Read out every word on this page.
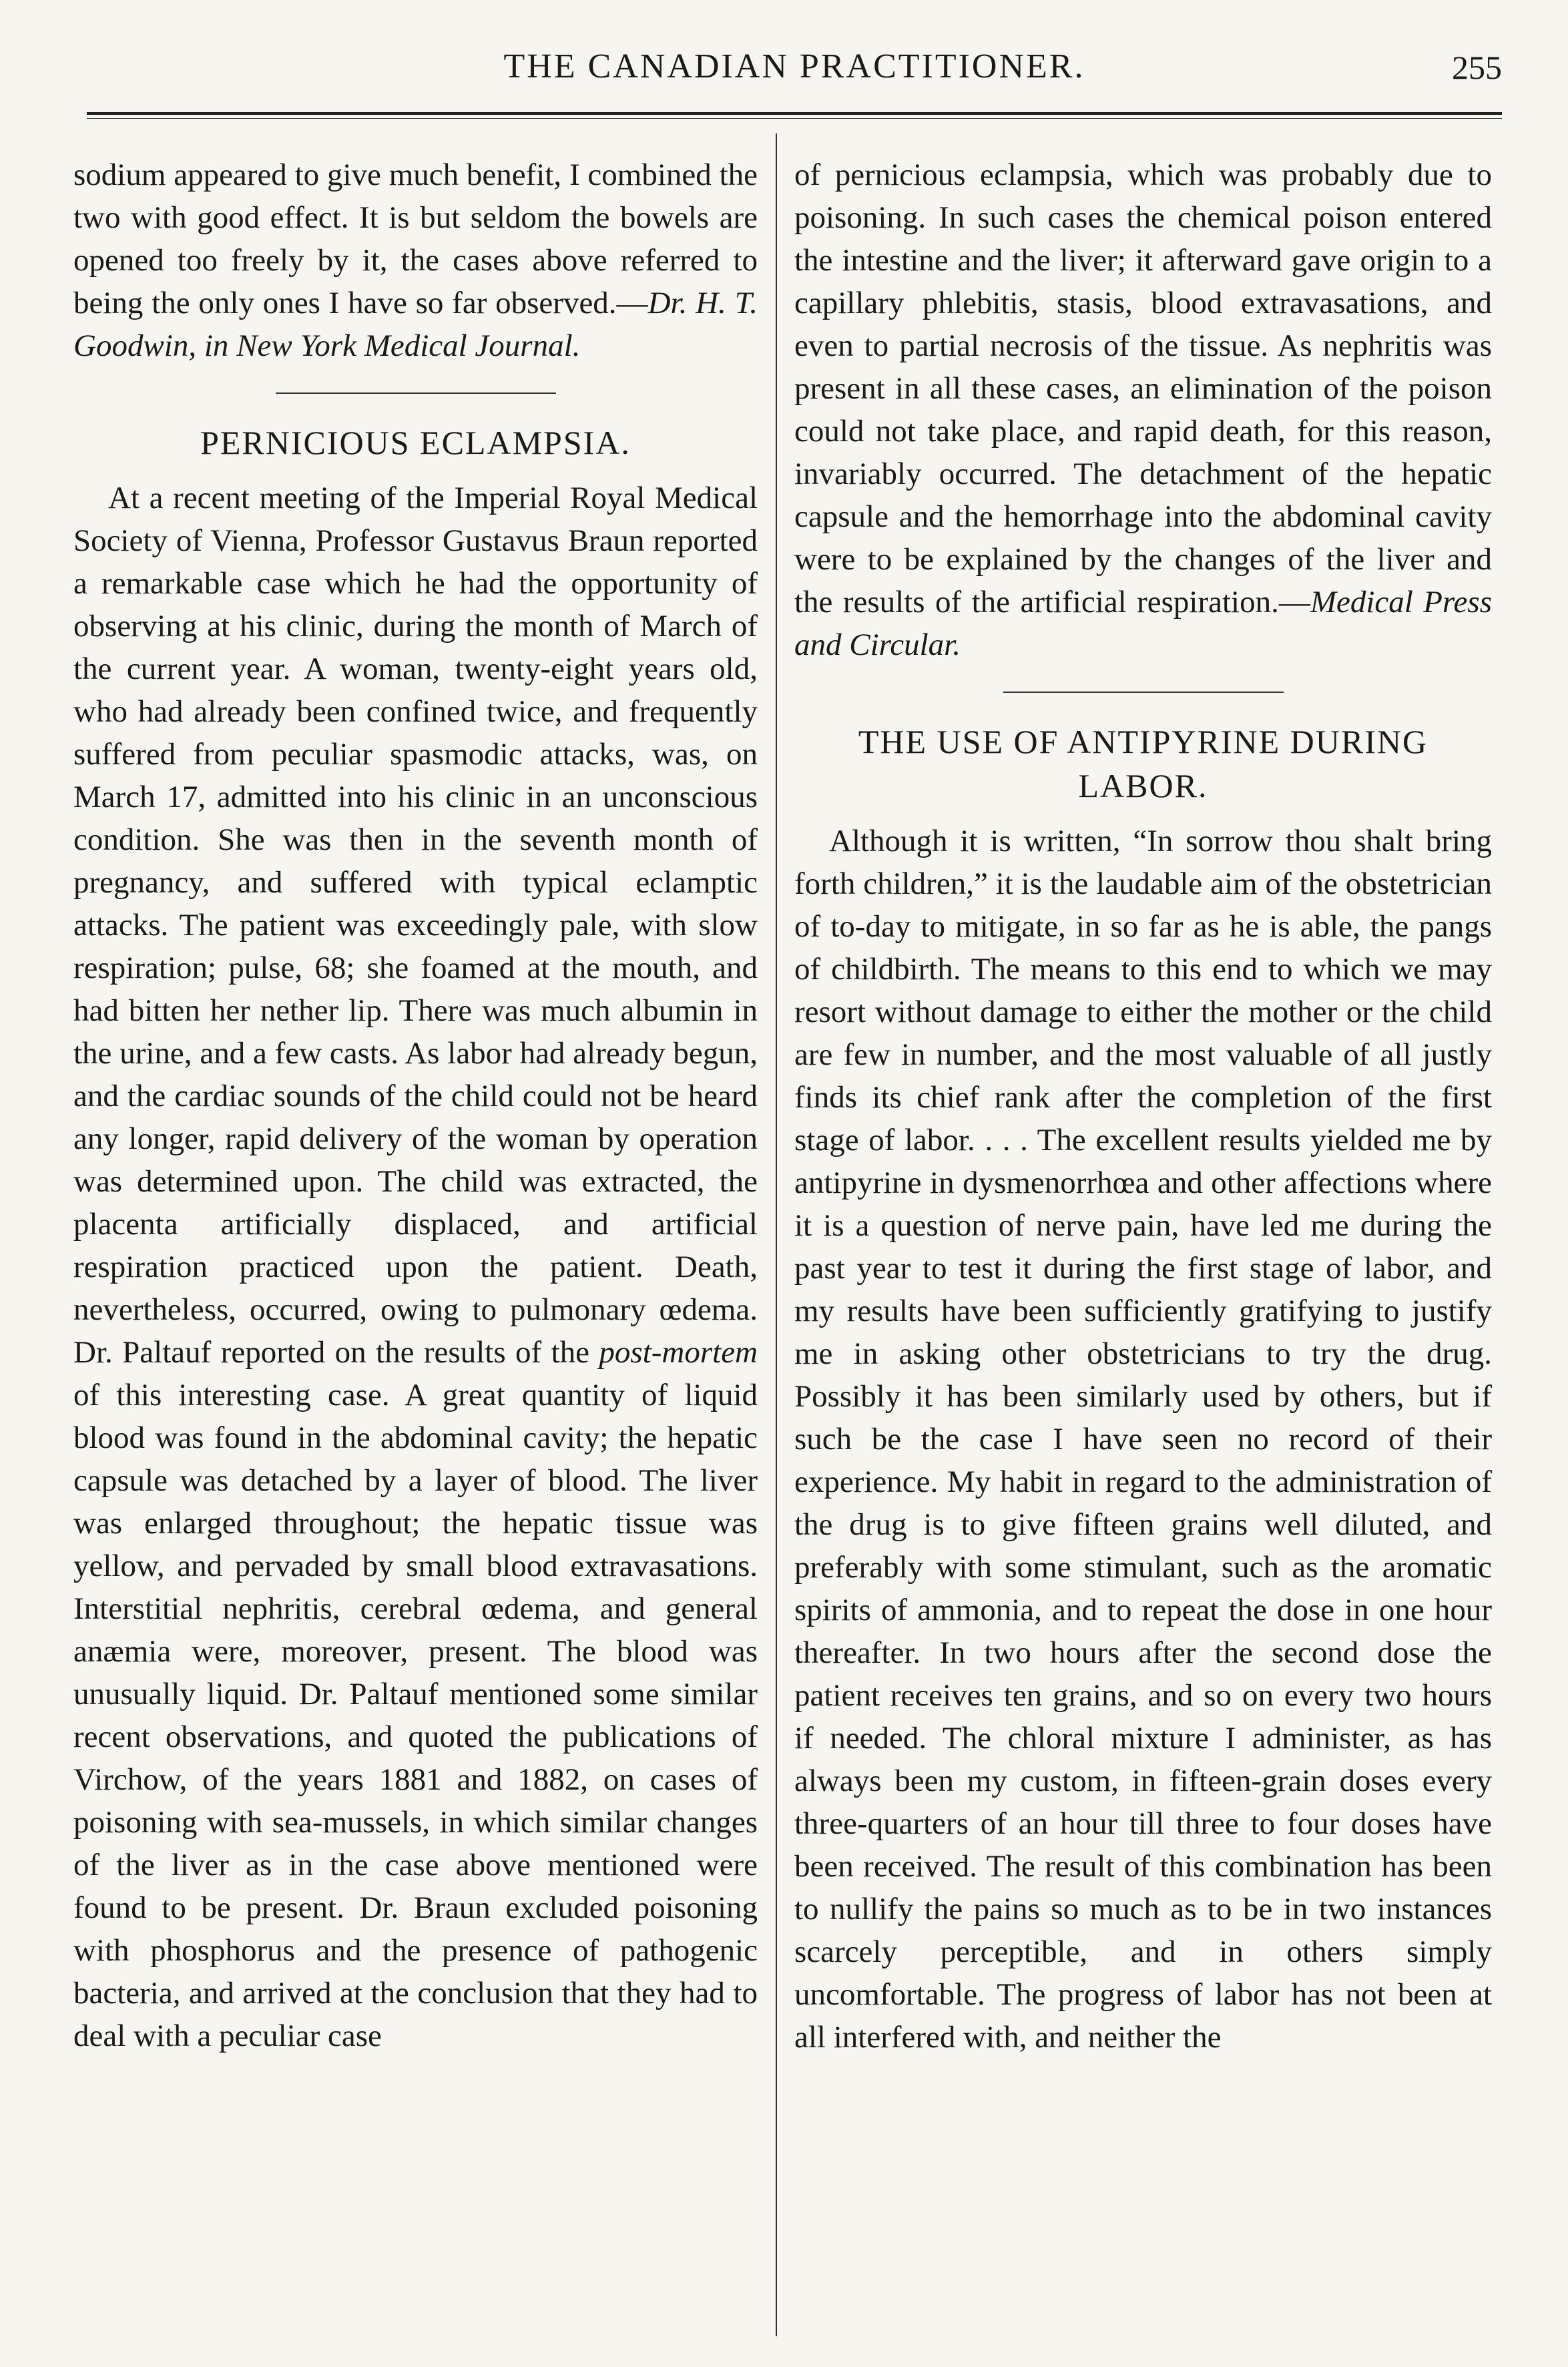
THE CANADIAN PRACTITIONER.	255

sodium appeared to give much benefit, I combined the two with good effect. It is but seldom the bowels are opened too freely by it, the cases above referred to being the only ones I have so far observed.—Dr. H. T. Goodwin, in New York Medical Journal.

PERNICIOUS ECLAMPSIA.

At a recent meeting of the Imperial Royal Medical Society of Vienna, Professor Gustavus Braun reported a remarkable case which he had the opportunity of observing at his clinic, during the month of March of the current year. A woman, twenty-eight years old, who had already been confined twice, and frequently suffered from peculiar spasmodic attacks, was, on March 17, admitted into his clinic in an unconscious condition. She was then in the seventh month of pregnancy, and suffered with typical eclamptic attacks. The patient was exceedingly pale, with slow respiration; pulse, 68; she foamed at the mouth, and had bitten her nether lip. There was much albumin in the urine, and a few casts. As labor had already begun, and the cardiac sounds of the child could not be heard any longer, rapid delivery of the woman by operation was determined upon. The child was extracted, the placenta artificially displaced, and artificial respiration practiced upon the patient. Death, nevertheless, occurred, owing to pulmonary œdema. Dr. Paltauf reported on the results of the post-mortem of this interesting case. A great quantity of liquid blood was found in the abdominal cavity; the hepatic capsule was detached by a layer of blood. The liver was enlarged throughout; the hepatic tissue was yellow, and pervaded by small blood extravasations. Interstitial nephritis, cerebral œdema, and general anæmia were, moreover, present. The blood was unusually liquid. Dr. Paltauf mentioned some similar recent observations, and quoted the publications of Virchow, of the years 1881 and 1882, on cases of poisoning with sea-mussels, in which similar changes of the liver as in the case above mentioned were found to be present. Dr. Braun excluded poisoning with phosphorus and the presence of pathogenic bacteria, and arrived at the conclusion that they had to deal with a peculiar case

of pernicious eclampsia, which was probably due to poisoning. In such cases the chemical poison entered the intestine and the liver; it afterward gave origin to a capillary phlebitis, stasis, blood extravasations, and even to partial necrosis of the tissue. As nephritis was present in all these cases, an elimination of the poison could not take place, and rapid death, for this reason, invariably occurred. The detachment of the hepatic capsule and the hemorrhage into the abdominal cavity were to be explained by the changes of the liver and the results of the artificial respiration.—Medical Press and Circular.

THE USE OF ANTIPYRINE DURING LABOR.

Although it is written, “In sorrow thou shalt bring forth children,” it is the laudable aim of the obstetrician of to-day to mitigate, in so far as he is able, the pangs of childbirth. The means to this end to which we may resort without damage to either the mother or the child are few in number, and the most valuable of all justly finds its chief rank after the completion of the first stage of labor. . . . The excellent results yielded me by antipyrine in dysmenorrhœa and other affections where it is a question of nerve pain, have led me during the past year to test it during the first stage of labor, and my results have been sufficiently gratifying to justify me in asking other obstetricians to try the drug. Possibly it has been similarly used by others, but if such be the case I have seen no record of their experience. My habit in regard to the administration of the drug is to give fifteen grains well diluted, and preferably with some stimulant, such as the aromatic spirits of ammonia, and to repeat the dose in one hour thereafter. In two hours after the second dose the patient receives ten grains, and so on every two hours if needed. The chloral mixture I administer, as has always been my custom, in fifteen-grain doses every three-quarters of an hour till three to four doses have been received. The result of this combination has been to nullify the pains so much as to be in two instances scarcely perceptible, and in others simply uncomfortable. The progress of labor has not been at all interfered with, and neither the
